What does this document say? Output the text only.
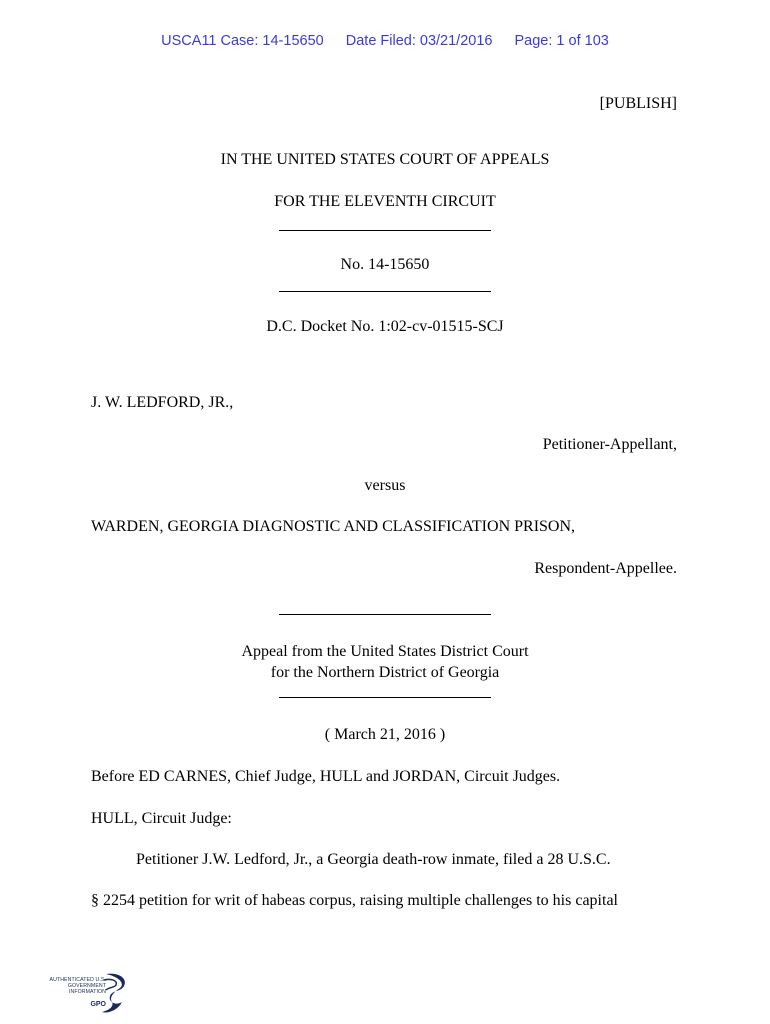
USCA11 Case: 14-15650 Date Filed: 03/21/2016 Page: 1 of 103
[PUBLISH]
IN THE UNITED STATES COURT OF APPEALS
FOR THE ELEVENTH CIRCUIT
No. 14-15650
D.C. Docket No. 1:02-cv-01515-SCJ
J. W. LEDFORD, JR.,
Petitioner-Appellant,
versus
WARDEN, GEORGIA DIAGNOSTIC AND CLASSIFICATION PRISON,
Respondent-Appellee.
Appeal from the United States District Court
for the Northern District of Georgia
( March 21, 2016 )
Before ED CARNES, Chief Judge, HULL and JORDAN, Circuit Judges.
HULL, Circuit Judge:
Petitioner J.W. Ledford, Jr., a Georgia death-row inmate, filed a 28 U.S.C.
§ 2254 petition for writ of habeas corpus, raising multiple challenges to his capital
AUTHENTICATED U.S. GOVERNMENT INFORMATION
GPO
